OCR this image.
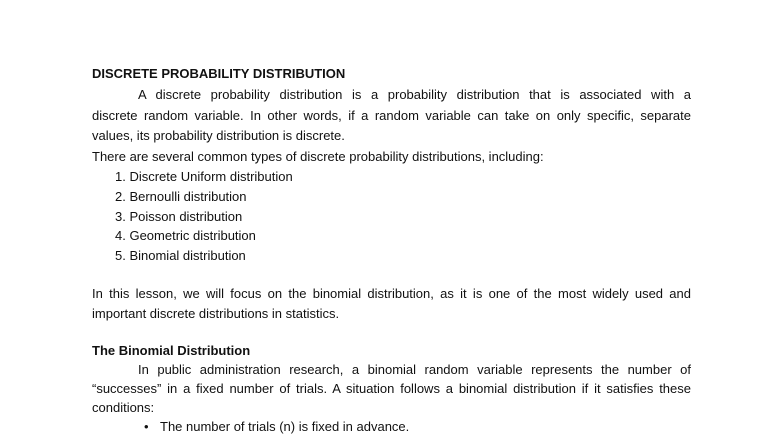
DISCRETE PROBABILITY DISTRIBUTION
A discrete probability distribution is a probability distribution that is associated with a
discrete random variable. In other words, if a random variable can take on only specific, separate
values, its probability distribution is discrete.
There are several common types of discrete probability distributions, including:
1. Discrete Uniform distribution
2. Bernoulli distribution
3. Poisson distribution
4. Geometric distribution
5. Binomial distribution
In this lesson, we will focus on the binomial distribution, as it is one of the most widely used and
important discrete distributions in statistics.
The Binomial Distribution
In public administration research, a binomial random variable represents the number of
“successes” in a fixed number of trials. A situation follows a binomial distribution if it satisfies these
conditions:
• The number of trials (n) is fixed in advance.
